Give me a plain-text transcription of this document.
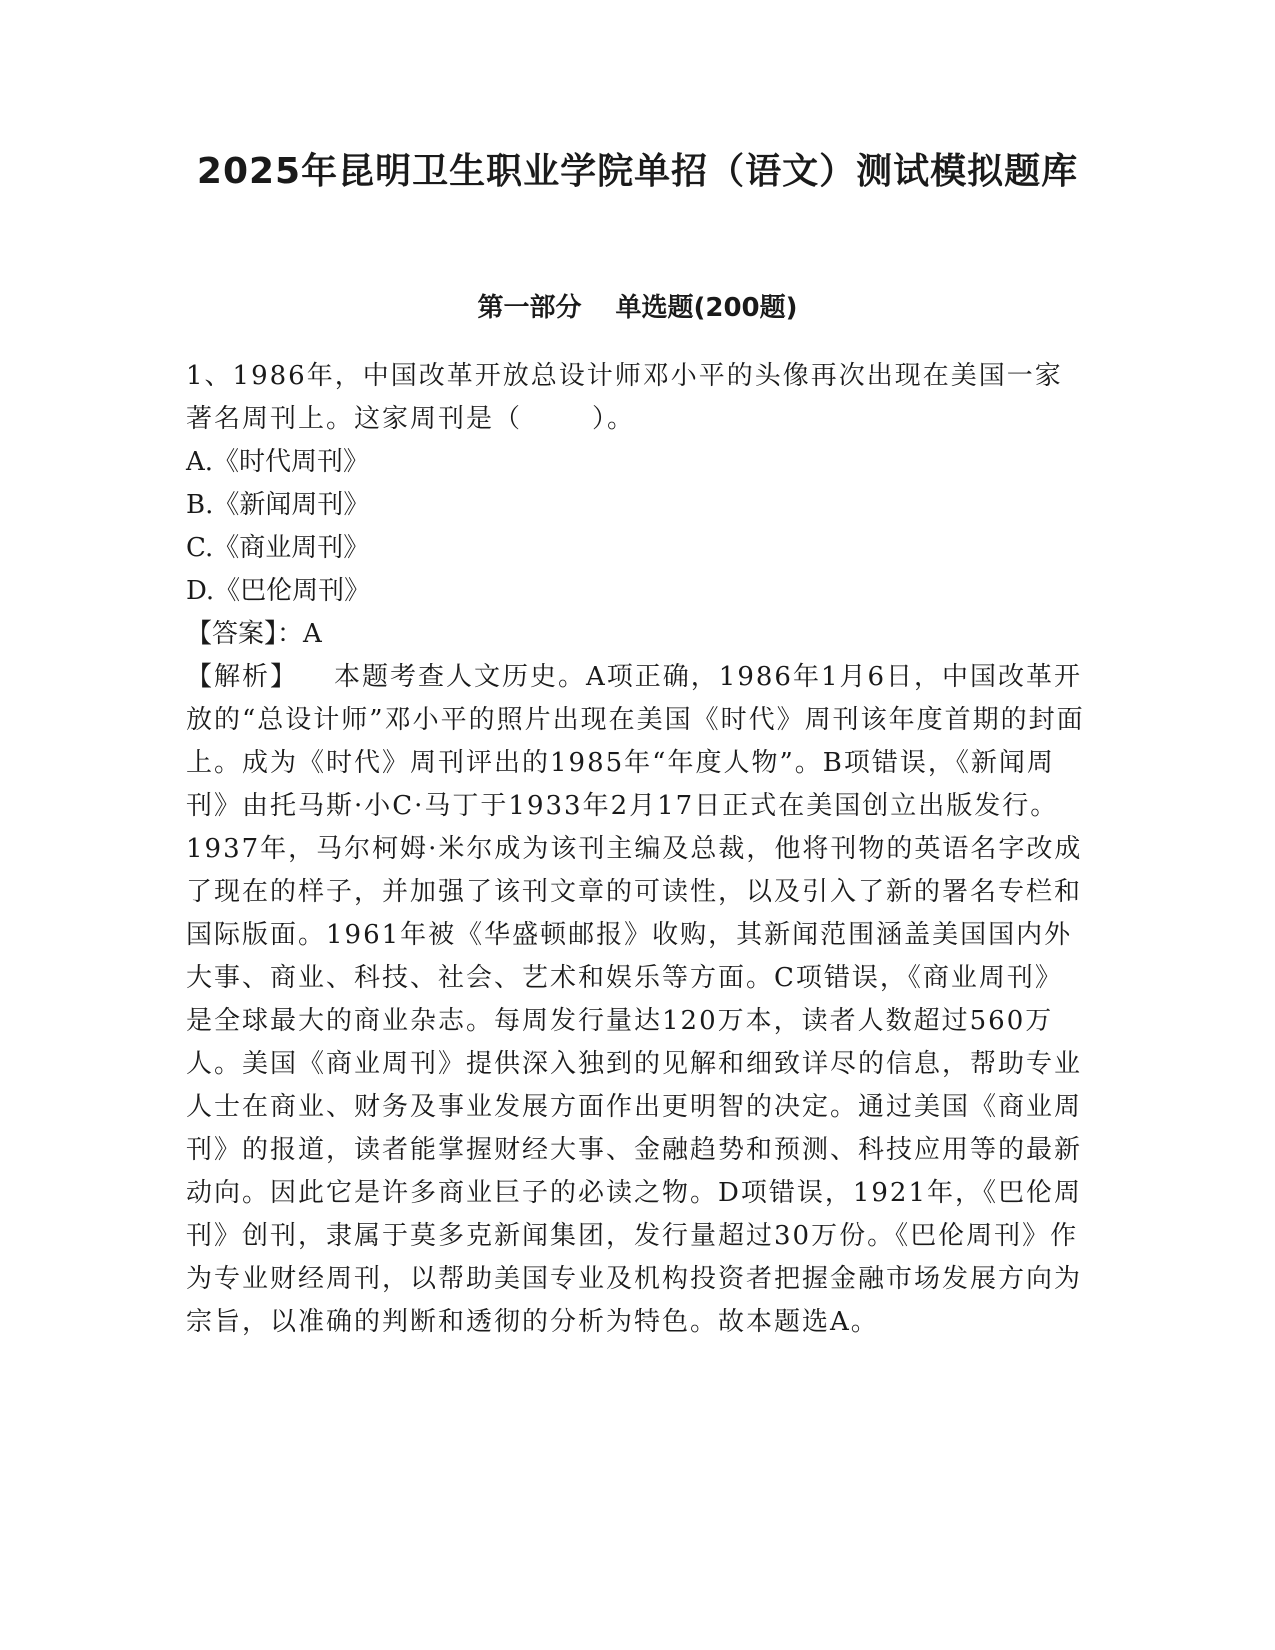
2025年昆明卫生职业学院单招（语文）测试模拟题库
第一部分 单选题(200题)

1、1986年，中国改革开放总设计师邓小平的头像再次出现在美国一家著名周刊上。这家周刊是（	）。

A.《时代周刊》

B.《新闻周刊》

C.《商业周刊》

D.《巴伦周刊》

【答案】：A

【解析】 本题考查人文历史。A项正确，1986年1月6日，中国改革开放的“总设计师”邓小平的照片出现在美国《时代》周刊该年度首期的封面上。成为《时代》周刊评出的1985年“年度人物”。B项错误，《新闻周刊》由托马斯·小C·马丁于1933年2月17日正式在美国创立出版发行。1937年，马尔柯姆·米尔成为该刊主编及总裁，他将刊物的英语名字改成了现在的样子，并加强了该刊文章的可读性，以及引入了新的署名专栏和国际版面。1961年被《华盛顿邮报》收购，其新闻范围涵盖美国国内外大事、商业、科技、社会、艺术和娱乐等方面。C项错误，《商业周刊》是全球最大的商业杂志。每周发行量达120万本，读者人数超过560万人。美国《商业周刊》提供深入独到的见解和细致详尽的信息，帮助专业人士在商业、财务及事业发展方面作出更明智的决定。通过美国《商业周刊》的报道，读者能掌握财经大事、金融趋势和预测、科技应用等的最新动向。因此它是许多商业巨子的必读之物。D项错误，1921年，《巴伦周刊》创刊，隶属于莫多克新闻集团，发行量超过30万份。《巴伦周刊》作为专业财经周刊，以帮助美国专业及机构投资者把握金融市场发展方向为宗旨，以准确的判断和透彻的分析为特色。故本题选A。
